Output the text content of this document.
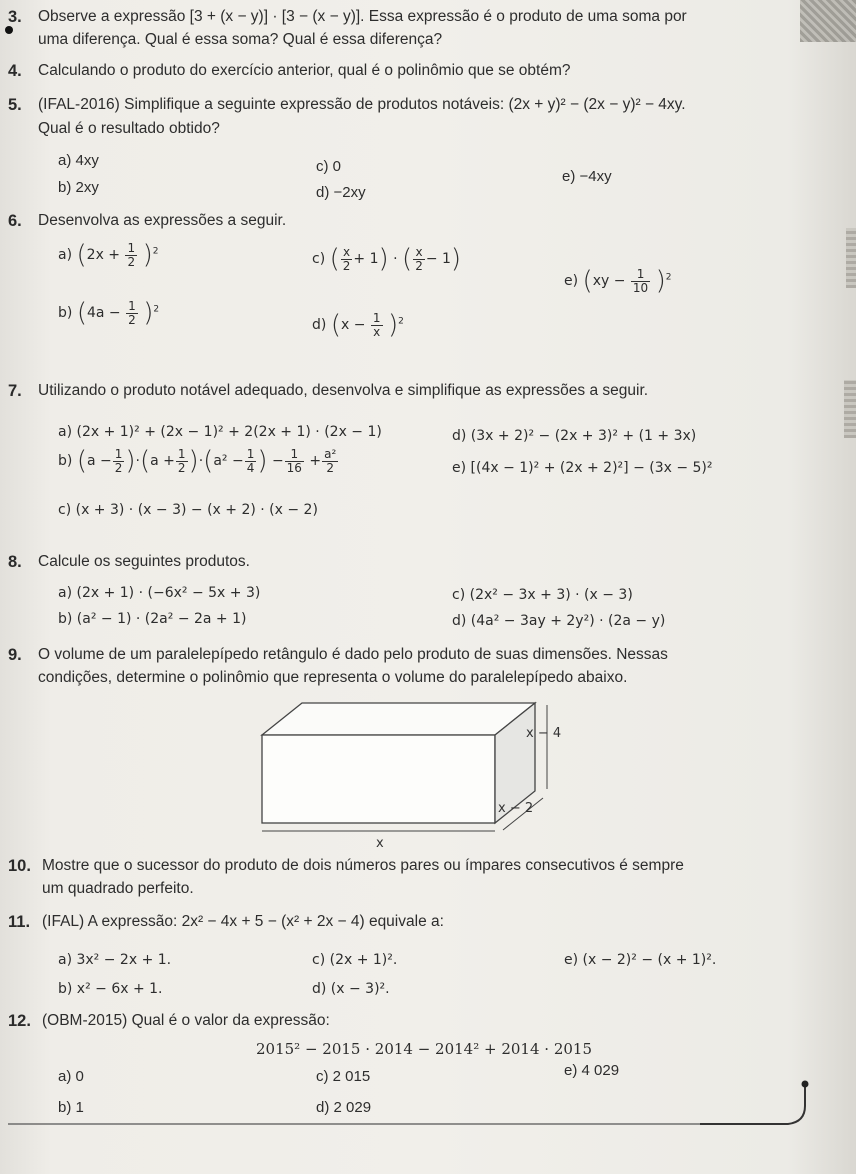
3. Observe a expressão [3 + (x − y)] · [3 − (x − y)]. Essa expressão é o produto de uma soma por
uma diferença. Qual é essa soma? Qual é essa diferença?
4. Calculando o produto do exercício anterior, qual é o polinômio que se obtém?
5. (IFAL-2016) Simplifique a seguinte expressão de produtos notáveis: (2x + y)² − (2x − y)² − 4xy.
Qual é o resultado obtido?
a) 4xy
b) 2xy
c) 0
d) −2xy
e) −4xy
6. Desenvolva as expressões a seguir.
a) $(2x + \frac{1}{2} )^2$
b) $(4a - \frac{1}{2} )^2$
c) ( $\frac{x}{2} + 1$) · ( $\frac{x}{2} - 1$)
d) $(x - \frac{1}{x} )^2$
e) $(xy - \frac{1}{10} )^2$
7. Utilizando o produto notável adequado, desenvolva e simplifique as expressões a seguir.
a) (2x + 1)² + (2x − 1)² + 2(2x + 1) · (2x − 1)
b) $(a - \frac{1}{2} )\cdot(a + \frac{1}{2} )\cdot(a^2 - \frac{1}{4}$ ) − $\frac{1}{16} + \frac{\text{a²}}{2}$
c) (x + 3) · (x − 3) − (x + 2) · (x − 2)
d) (3x + 2)² − (2x + 3)² + (1 + 3x)
e) [(4x − 1)² + (2x + 2)²] − (3x − 5)²
8. Calcule os seguintes produtos.
a) (2x + 1) · (−6x² − 5x + 3)
b) (a² − 1) · (2a² − 2a + 1)
c) (2x² − 3x + 3) · (x − 3)
d) (4a² − 3ay + 2y²) · (2a − y)
9. O volume de um paralelepípedo retângulo é dado pelo produto de suas dimensões. Nessas
condições, determine o polinômio que representa o volume do paralelepípedo abaixo.
x − 4
x − 2
x
10. Mostre que o sucessor do produto de dois números pares ou ímpares consecutivos é sempre
um quadrado perfeito.
11. (IFAL) A expressão: 2x² − 4x + 5 − (x² + 2x − 4) equivale a:
a) 3x² − 2x + 1.
b) x² − 6x + 1.
c) (2x + 1)².
d) (x − 3)².
e) (x − 2)² − (x + 1)².
12. (OBM-2015) Qual é o valor da expressão:
2015² − 2015 · 2014 − 2014² + 2014 · 2015
a) 0
b) 1
c) 2 015
d) 2 029
e) 4 029
